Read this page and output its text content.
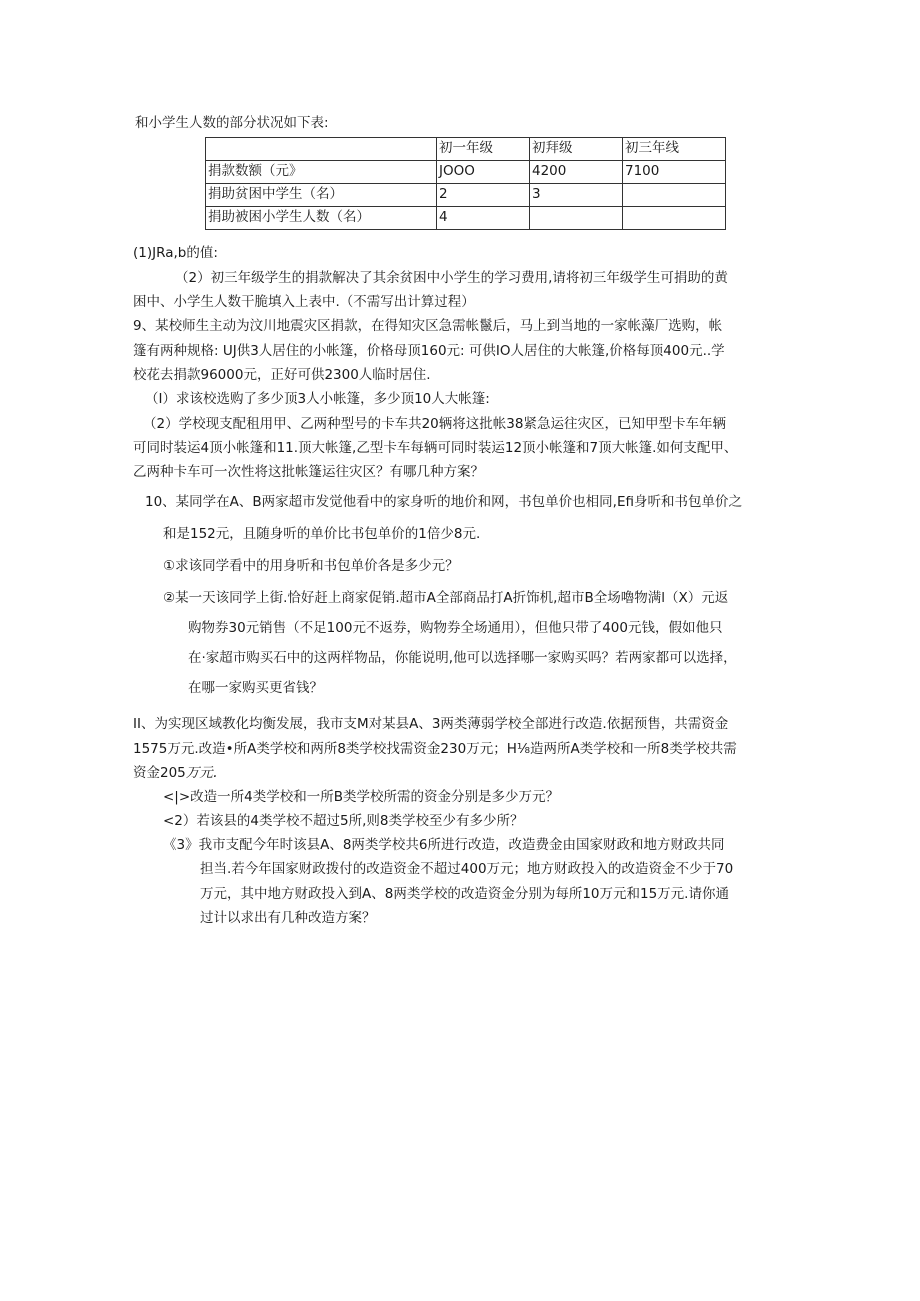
和小学生人数的部分状况如下表:
	初一年级	初拜级	初三年线
捐款数额（元》	JOOO	4200	7100
捐助贫困中学生（名）	2	3	
捐助被困小学生人数（名）	4		
(1)JRa,b的值:
（2）初三年级学生的捐款解决了其余贫困中小学生的学习费用,请将初三年级学生可捐助的黄
困中、小学生人数干脆填入上表中.（不需写出计算过程）
9、某校师生主动为汶川地震灾区捐款，在得知灾区急需帐鬣后，马上到当地的一家帐藻厂选购，帐
篷有两种规格: UJ供3人居住的小帐篷，价格母顶160元: 可供IO人居住的大帐篷,价格每顶400元..学
校花去捐款96000元，正好可供2300人临时居住.
（I）求该校选购了多少顶3人小帐篷，多少顶10人大帐篷:
（2）学校现支配租用甲、乙两种型号的卡车共20辆将这批帐38紧急运往灾区，已知甲型卡车年辆
可同时装运4顶小帐篷和11.顶大帐篷,乙型卡车每辆可同时装运12顶小帐篷和7顶大帐篷.如何支配甲、
乙两种卡车可一次性将这批帐篷运往灾区？有哪几种方案？
10、某同学在A、B两家超市发觉他看中的家身听的地价和网，书包单价也相同,Efi身听和书包单价之
和是152元，且随身听的单价比书包单价的1倍少8元.
①求该同学看中的用身听和书包单价各是多少元？
②某一天该同学上街.恰好赶上商家促销.超市A全部商品打A折饰机,超市B全场嚕物满l（X）元返
购物券30元销售（不足100元不返券，购物券全场通用），但他只带了400元钱，假如他只
在·家超市购买石中的这两样物品，你能说明,他可以选择哪一家购买吗？若两家都可以选择，
在哪一家购买更省钱？
II、为实现区域教化均衡发展，我市支M对某县A、3两类薄弱学校全部逬行改造.依据预售，共需资金
1575万元.改造•所A类学校和两所8类学校找需资金230万元；H⅛造两所A类学校和一所8类学校共需
资金205万元.
<|>改造一所4类学校和一所B类学校所需的资金分别是多少万元？
<2）若该县的4类学校不超过5所,则8类学校至少有多少所？
《3》我市支配今年时该县A、8两类学校共6所进行改造，改造费金由国家财政和地方财政共同
担当.若今年国家财政拨付的改造资金不超过400万元；地方财政投入的改造资金不少于70
万元，其中地方财政投入到A、8两类学校的改造资金分别为每所10万元和15万元.请你通
过计以求出有几种改造方案？
